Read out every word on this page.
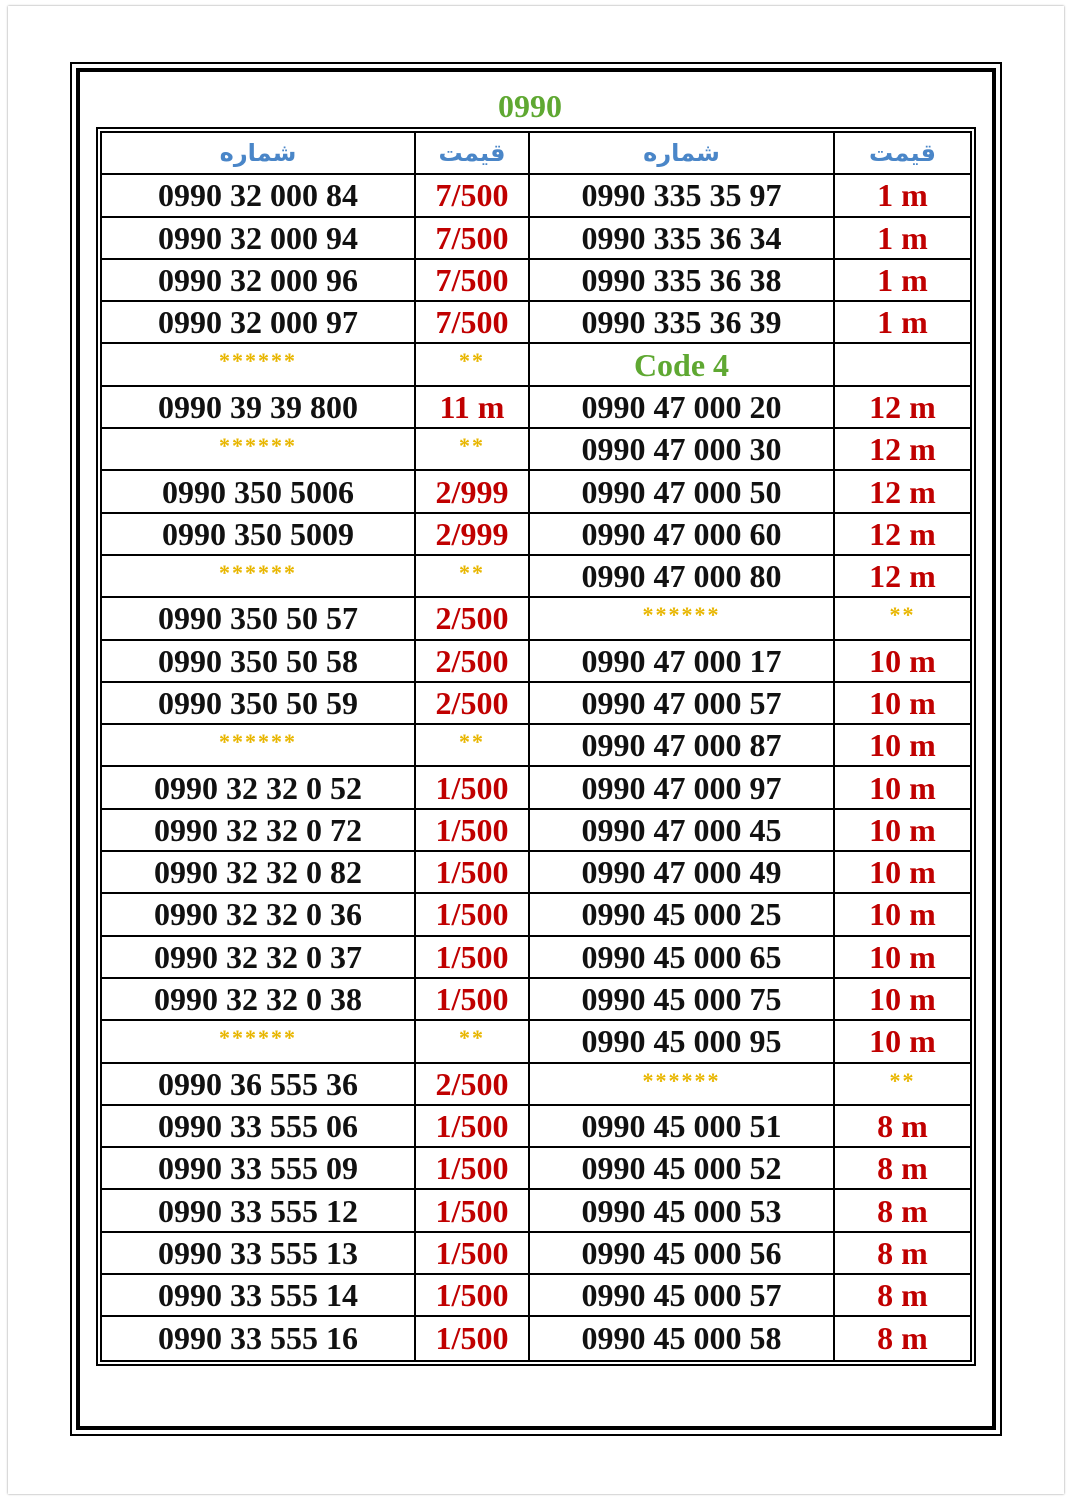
0990
شماره	قیمت	شماره	قیمت
0990 32 000 84	7/500	0990 335 35 97	1 m
0990 32 000 94	7/500	0990 335 36 34	1 m
0990 32 000 96	7/500	0990 335 36 38	1 m
0990 32 000 97	7/500	0990 335 36 39	1 m
******	**	Code 4
0990 39 39 800	11 m	0990 47 000 20	12 m
******	**	0990 47 000 30	12 m
0990 350 5006	2/999	0990 47 000 50	12 m
0990 350 5009	2/999	0990 47 000 60	12 m
******	**	0990 47 000 80	12 m
0990 350 50 57	2/500	******	**
0990 350 50 58	2/500	0990 47 000 17	10 m
0990 350 50 59	2/500	0990 47 000 57	10 m
******	**	0990 47 000 87	10 m
0990 32 32 0 52	1/500	0990 47 000 97	10 m
0990 32 32 0 72	1/500	0990 47 000 45	10 m
0990 32 32 0 82	1/500	0990 47 000 49	10 m
0990 32 32 0 36	1/500	0990 45 000 25	10 m
0990 32 32 0 37	1/500	0990 45 000 65	10 m
0990 32 32 0 38	1/500	0990 45 000 75	10 m
******	**	0990 45 000 95	10 m
0990 36 555 36	2/500	******	**
0990 33 555 06	1/500	0990 45 000 51	8 m
0990 33 555 09	1/500	0990 45 000 52	8 m
0990 33 555 12	1/500	0990 45 000 53	8 m
0990 33 555 13	1/500	0990 45 000 56	8 m
0990 33 555 14	1/500	0990 45 000 57	8 m
0990 33 555 16	1/500	0990 45 000 58	8 m
